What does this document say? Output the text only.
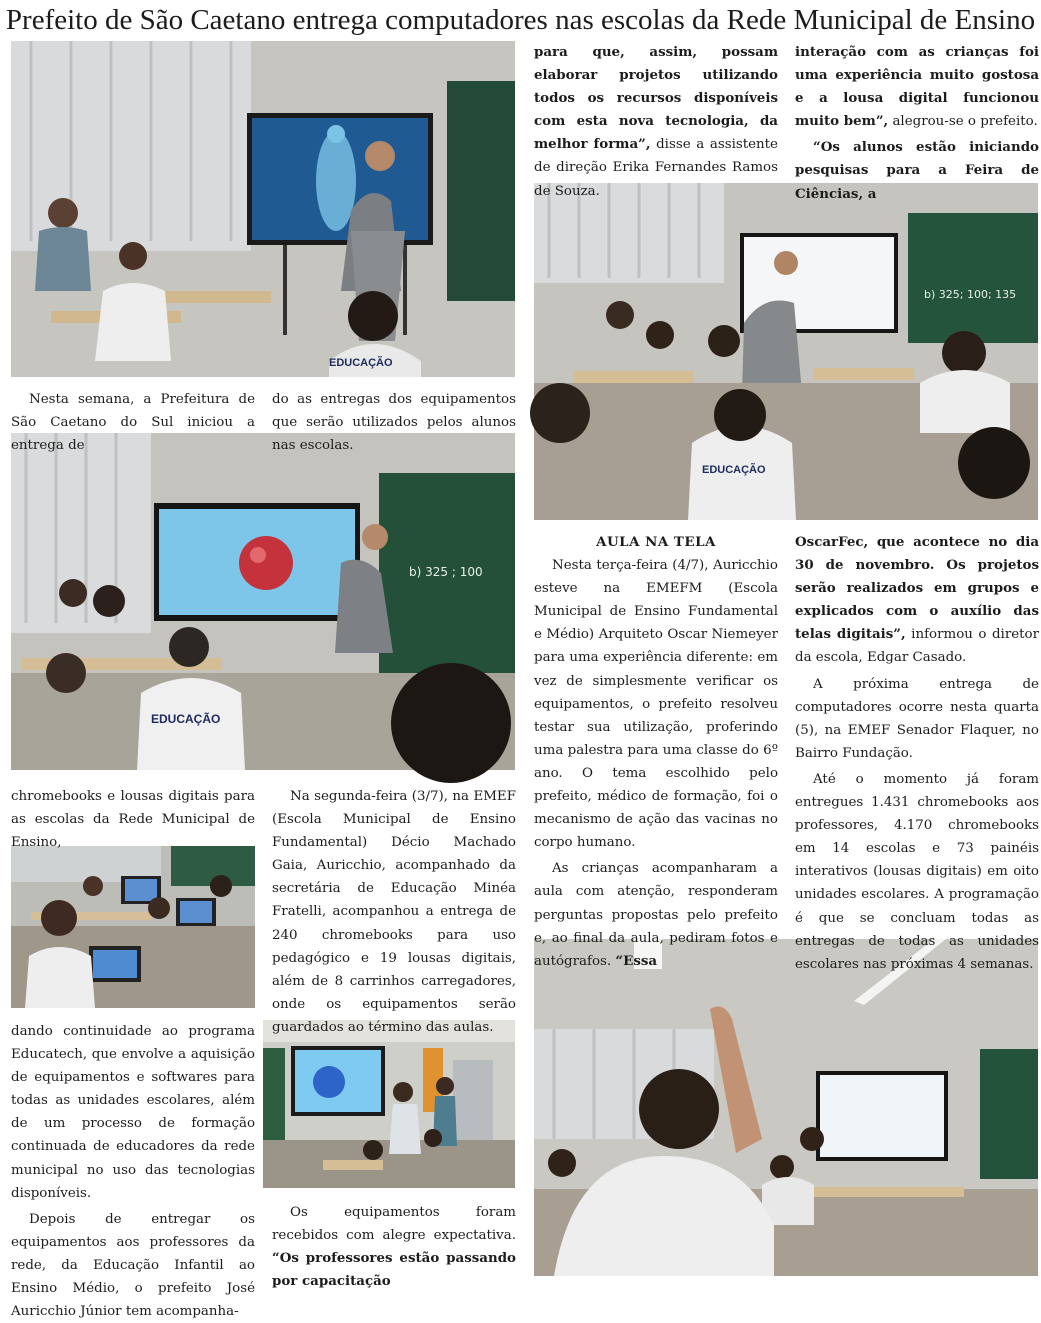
Prefeito de São Caetano entrega computadores nas escolas da Rede Municipal de Ensino
EDUCAÇÃO
b) 325 ; 100
EDUCAÇÃO
b) 325; 100; 135
EDUCAÇÃO

Nesta semana, a Prefeitura de São Caetano do Sul iniciou a entrega de

do as entregas dos equipamentos que serão utilizados pelos alunos nas escolas.

chromebooks e lousas digitais para as escolas da Rede Municipal de Ensino,

dando continuidade ao programa Educatech, que envolve a aquisição de equipamentos e softwares para todas as unidades escolares, além de um processo de formação continuada de educadores da rede municipal no uso das tecnologias disponíveis.

Depois de entregar os equipamentos aos professores da rede, da Educação Infantil ao Ensino Médio, o prefeito José Auricchio Júnior tem acompanha-

Na segunda-feira (3/7), na EMEF (Escola Municipal de Ensino Fundamental) Décio Machado Gaia, Auricchio, acompanhado da secretária de Educação Minéa Fratelli, acompanhou a entrega de 240 chromebooks para uso pedagógico e 19 lousas digitais, além de 8 carrinhos carregadores, onde os equipamentos serão guardados ao término das aulas.

Os equipamentos foram recebidos com alegre expectativa. “Os professores estão passando por capacitação

para que, assim, possam elaborar projetos utilizando todos os recursos disponíveis com esta nova tecnologia, da melhor forma”, disse a assistente de direção Erika Fernandes Ramos de Souza.

AULA NA TELA

Nesta terça-feira (4/7), Auricchio esteve na EMEFM (Escola Municipal de Ensino Fundamental e Médio) Arquiteto Oscar Niemeyer para uma experiência diferente: em vez de simplesmente verificar os equipamentos, o prefeito resolveu testar sua utilização, proferindo uma palestra para uma classe do 6º ano. O tema escolhido pelo prefeito, médico de formação, foi o mecanismo de ação das vacinas no corpo humano.

As crianças acompanharam a aula com atenção, responderam perguntas propostas pelo prefeito e, ao final da aula, pediram fotos e autógrafos. “Essa

interação com as crianças foi uma experiência muito gostosa e a lousa digital funcionou muito bem”, alegrou-se o prefeito.

“Os alunos estão iniciando pesquisas para a Feira de Ciências, a

OscarFec, que acontece no dia 30 de novembro. Os projetos serão realizados em grupos e explicados com o auxílio das telas digitais”, informou o diretor da escola, Edgar Casado.

A próxima entrega de computadores ocorre nesta quarta (5), na EMEF Senador Flaquer, no Bairro Fundação.

Até o momento já foram entregues 1.431 chromebooks aos professores, 4.170 chromebooks em 14 escolas e 73 painéis interativos (lousas digitais) em oito unidades escolares. A programação é que se concluam todas as entregas de todas as unidades escolares nas próximas 4 semanas.
